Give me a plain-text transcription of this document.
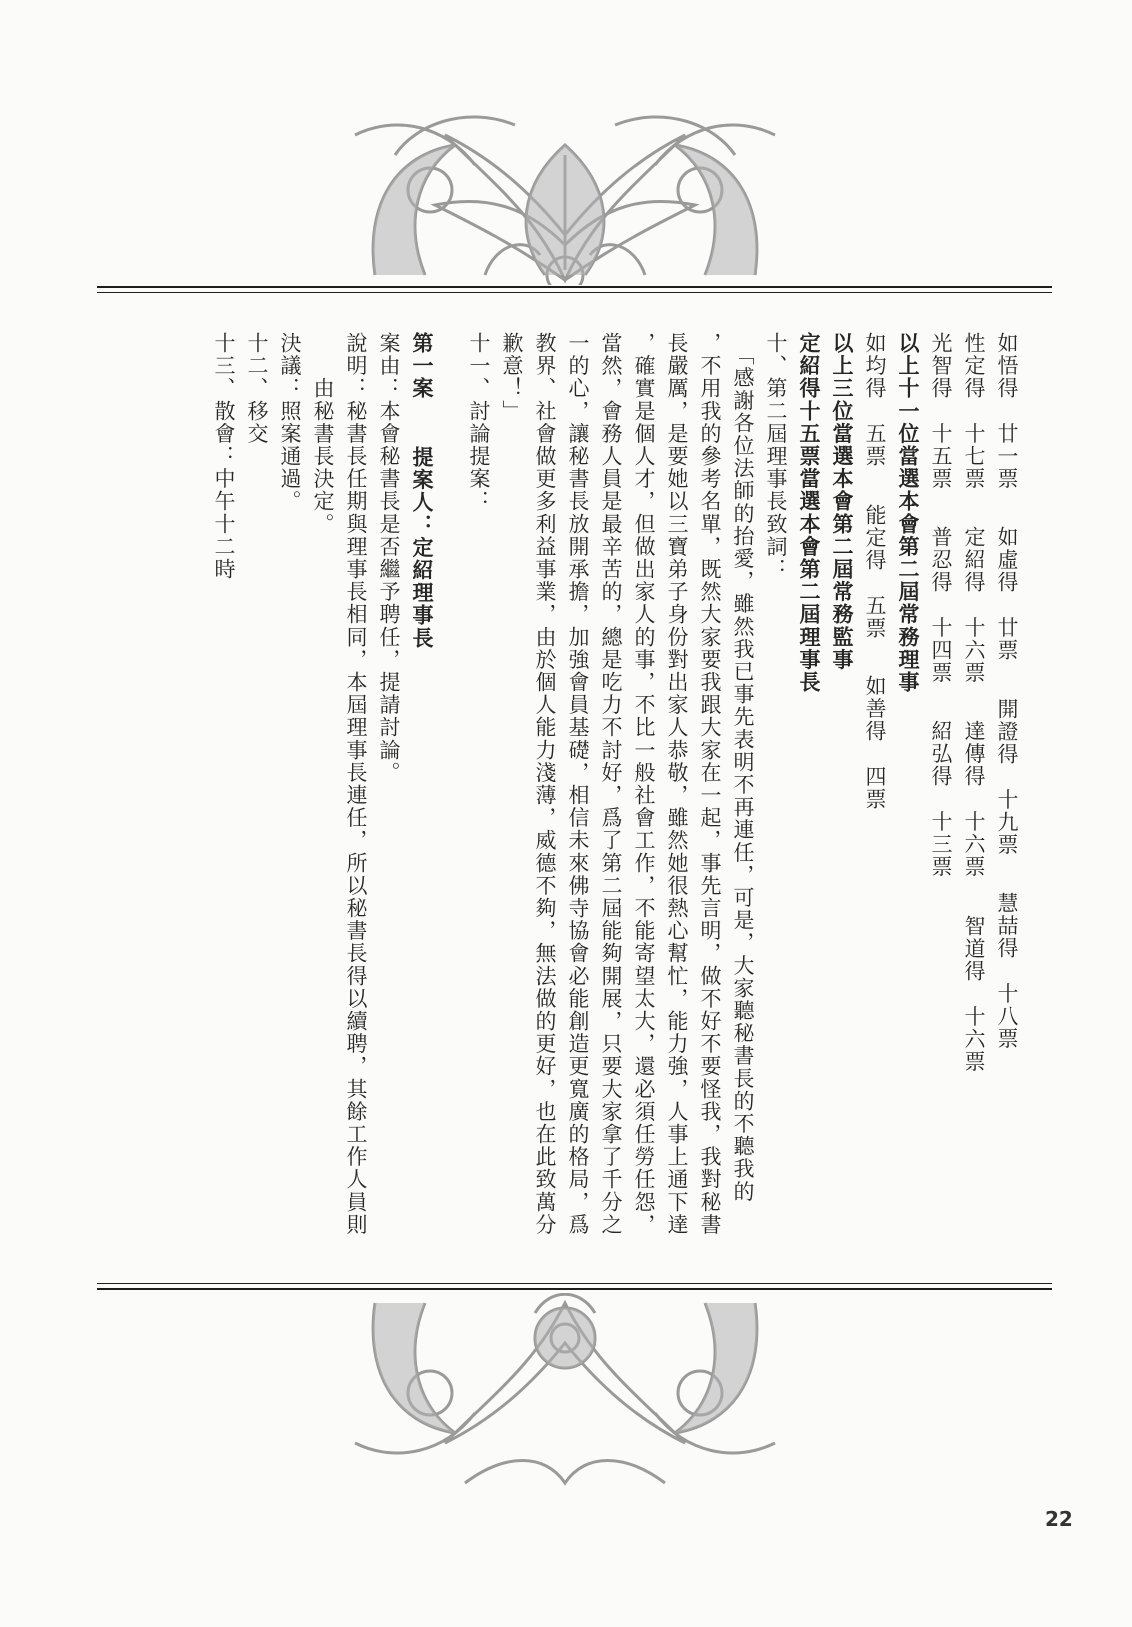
如悟得　廿一票如虛得　廿票開證得　十九票慧喆得　十八票
性定得　十七票定紹得　十六票達傳得　十六票智道得　十六票
光智得　十五票普忍得　十四票紹弘得　十三票
以上十一位當選本會第二屆常務理事
如均得　五票能定得　五票如善得　四票
以上三位當選本會第二屆常務監事
定紹得十五票當選本會第二屆理事長
十、第二屆理事長致詞：
　「感謝各位法師的抬愛，雖然我已事先表明不再連任，可是，大家聽秘書長的不聽我的
，不用我的參考名單，既然大家要我跟大家在一起，事先言明，做不好不要怪我，我對秘書
長嚴厲，是要她以三寶弟子身份對出家人恭敬，雖然她很熱心幫忙，能力強，人事上通下達
，確實是個人才，但做出家人的事，不比一般社會工作，不能寄望太大，還必須任勞任怨，
當然，會務人員是最辛苦的，總是吃力不討好，爲了第二屆能夠開展，只要大家拿了千分之
一的心，讓秘書長放開承擔，加強會員基礎，相信未來佛寺協會必能創造更寬廣的格局，爲
教界、社會做更多利益事業，由於個人能力淺薄，威德不夠，無法做的更好，也在此致萬分
歉意！」
十一、討論提案：
第一案提案人：定紹理事長
案由：本會秘書長是否繼予聘任，提請討論。
說明：秘書長任期與理事長相同，本屆理事長連任，所以秘書長得以續聘，其餘工作人員則
　　由秘書長決定。
決議：照案通過。
十二、移交
十三、散會：中午十二時
22
